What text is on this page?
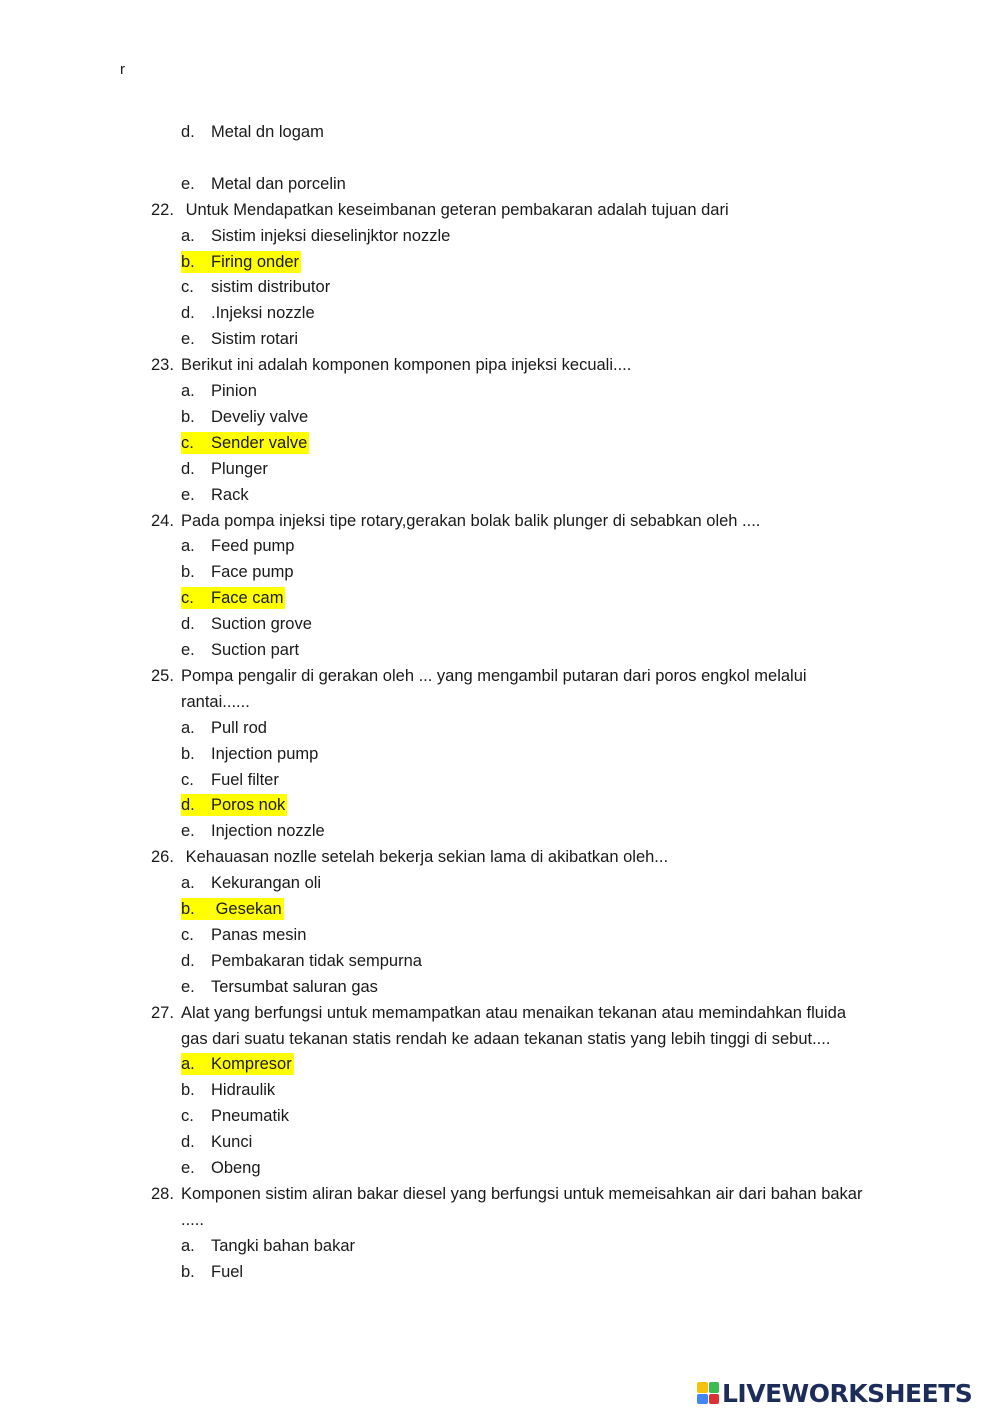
r
d. Metal dn logam
e. Metal dan porcelin
22. Untuk Mendapatkan keseimbanan geteran pembakaran adalah tujuan dari
a. Sistim injeksi dieselinjktor nozzle
b. Firing onder
c. sistim distributor
d. .Injeksi nozzle
e. Sistim rotari
23. Berikut ini adalah komponen komponen pipa injeksi kecuali....
a. Pinion
b. Develiy valve
c. Sender valve
d. Plunger
e. Rack
24. Pada pompa injeksi tipe rotary,gerakan bolak balik plunger di sebabkan oleh ....
a. Feed pump
b. Face pump
c. Face cam
d. Suction grove
e. Suction part
25. Pompa pengalir di gerakan oleh ... yang mengambil putaran dari poros engkol melalui
rantai......
a. Pull rod
b. Injection pump
c. Fuel filter
d. Poros nok
e. Injection nozzle
26. Kehauasan nozlle setelah bekerja sekian lama di akibatkan oleh...
a. Kekurangan oli
b. Gesekan
c. Panas mesin
d. Pembakaran tidak sempurna
e. Tersumbat saluran gas
27. Alat yang berfungsi untuk memampatkan atau menaikan tekanan atau memindahkan fluida
gas dari suatu tekanan statis rendah ke adaan tekanan statis yang lebih tinggi di sebut....
a. Kompresor
b. Hidraulik
c. Pneumatik
d. Kunci
e. Obeng
28. Komponen sistim aliran bakar diesel yang berfungsi untuk memeisahkan air dari bahan bakar
.....
a. Tangki bahan bakar
b. Fuel
LIVEWORKSHEETS
